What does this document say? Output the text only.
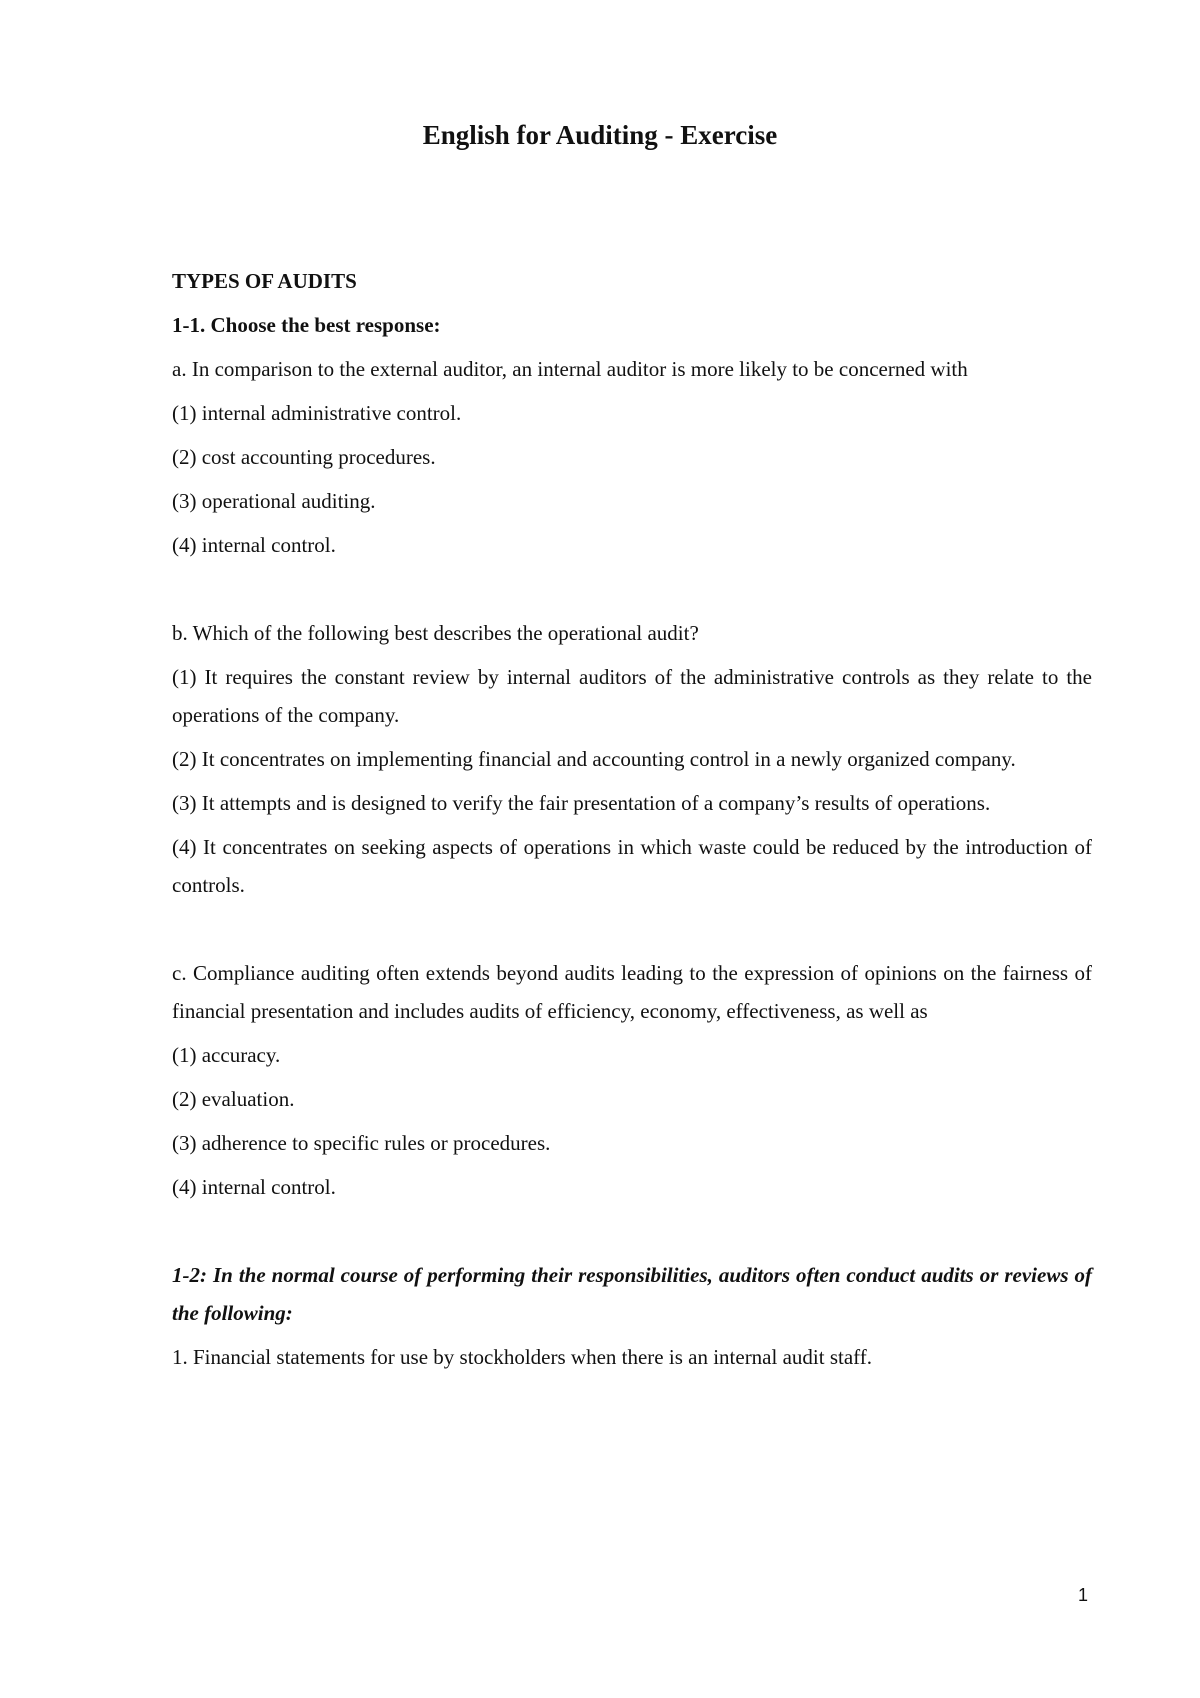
English for Auditing - Exercise

TYPES OF AUDITS

1-1. Choose the best response:

a. In comparison to the external auditor, an internal auditor is more likely to be concerned with

(1) internal administrative control.

(2) cost accounting procedures.

(3) operational auditing.

(4) internal control.

b. Which of the following best describes the operational audit?

(1) It requires the constant review by internal auditors of the administrative controls as they relate to the operations of the company.

(2) It concentrates on implementing financial and accounting control in a newly organized company.

(3) It attempts and is designed to verify the fair presentation of a company’s results of operations.

(4) It concentrates on seeking aspects of operations in which waste could be reduced by the introduction of controls.

c. Compliance auditing often extends beyond audits leading to the expression of opinions on the fairness of financial presentation and includes audits of efficiency, economy, effectiveness, as well as

(1) accuracy.

(2) evaluation.

(3) adherence to specific rules or procedures.

(4) internal control.

1-2: In the normal course of performing their responsibilities, auditors often conduct audits or reviews of the following:

1. Financial statements for use by stockholders when there is an internal audit staff.

1
